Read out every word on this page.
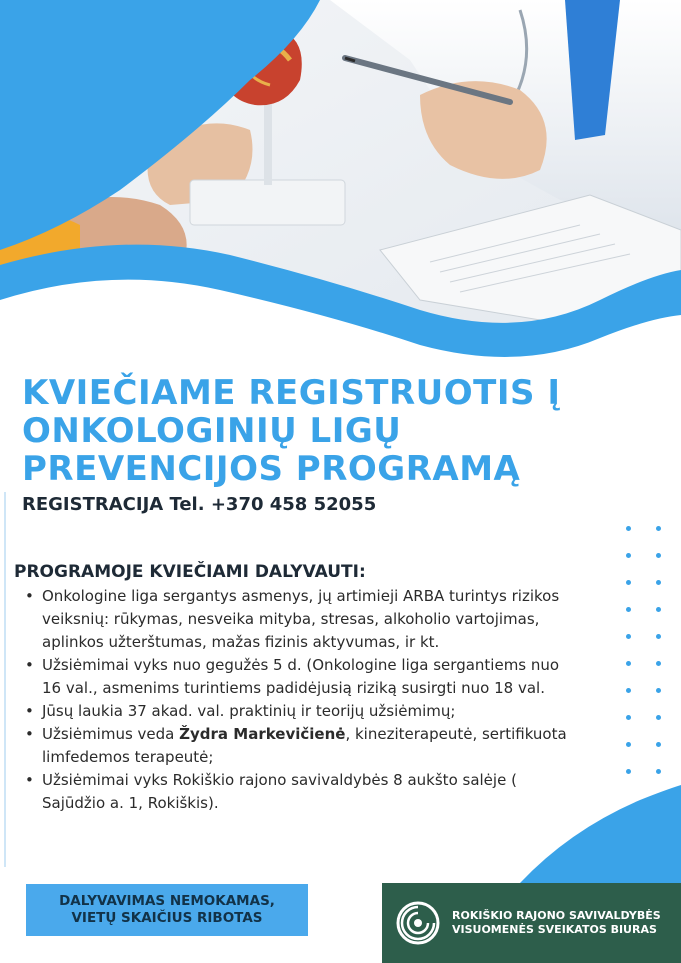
KVIEČIAME REGISTRUOTIS Į
ONKOLOGINIŲ LIGŲ
PREVENCIJOS PROGRAMĄ
REGISTRACIJA Tel. +370 458 52055
PROGRAMOJE KVIEČIAMI DALYVAUTI:
• Onkologine liga sergantys asmenys, jų artimieji ARBA turintys rizikos veiksnių: rūkymas, nesveika mityba, stresas, alkoholio vartojimas, aplinkos užterštumas, mažas fizinis aktyvumas, ir kt.
• Užsiėmimai vyks nuo gegužės 5 d. (Onkologine liga sergantiems nuo 16 val., asmenims turintiems padidėjusią riziką susirgti nuo 18 val.
• Jūsų laukia 37 akad. val. praktinių ir teorijų užsiėmimų;
• Užsiėmimus veda Žydra Markevičienė, kineziterapeutė, sertifikuota limfedemos terapeutė;
• Užsiėmimai vyks Rokiškio rajono savivaldybės 8 aukšto salėje ( Sajūdžio a. 1, Rokiškis).
DALYVAVIMAS NEMOKAMAS,
VIETŲ SKAIČIUS RIBOTAS	ROKIŠKIO RAJONO SAVIVALDYBĖS
VISUOMENĖS SVEIKATOS BIURAS
